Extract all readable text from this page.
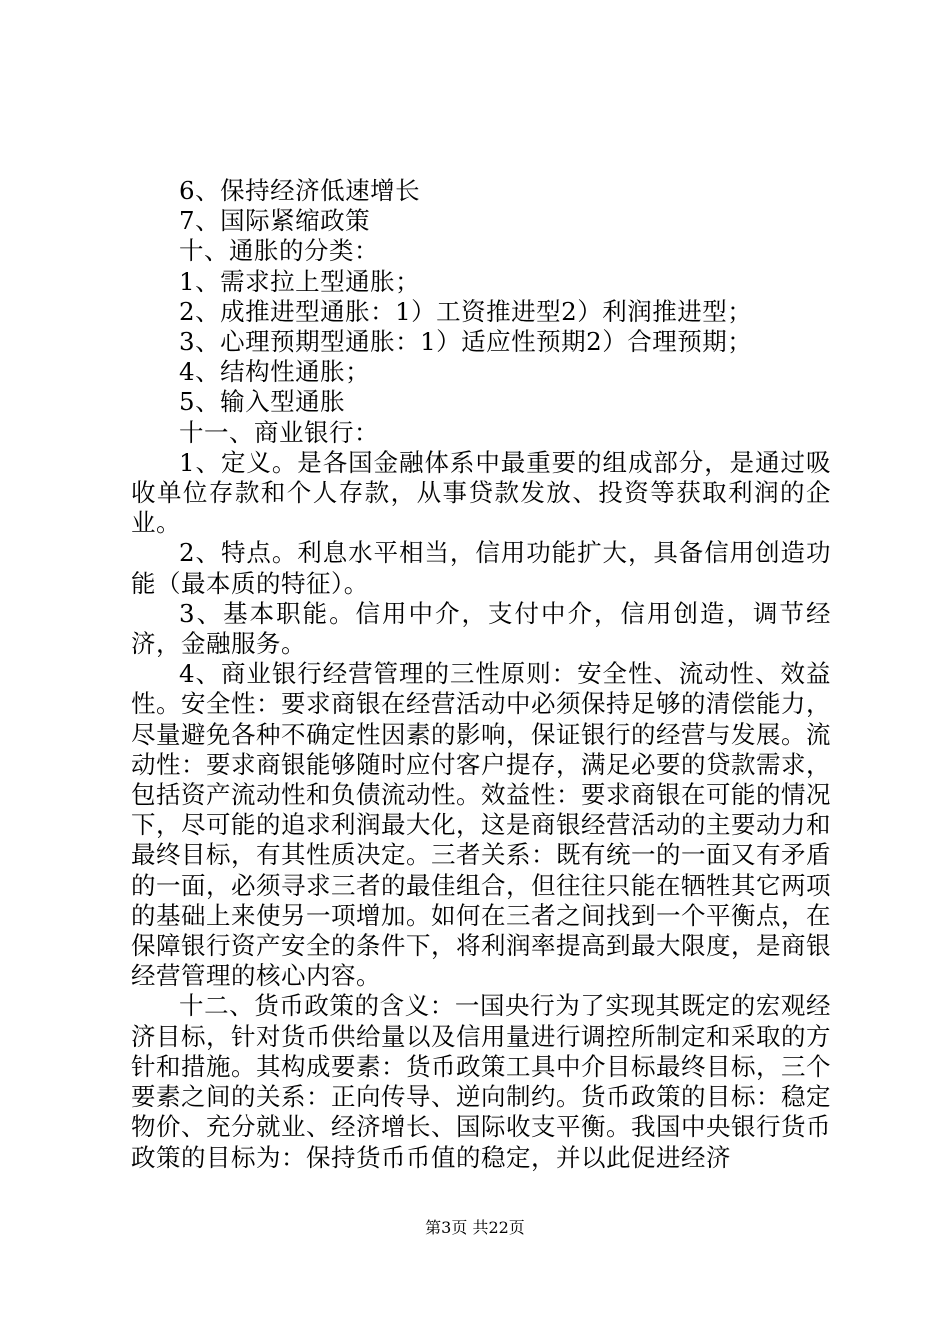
6、保持经济低速增长
7、国际紧缩政策
十、通胀的分类：
1、需求拉上型通胀；
2、成推进型通胀：1）工资推进型2）利润推进型；
3、心理预期型通胀：1）适应性预期2）合理预期；
4、结构性通胀；
5、输入型通胀
十一、商业银行：

1、定义。是各国金融体系中最重要的组成部分，是通过吸收单位存款和个人存款，从事贷款发放、投资等获取利润的企业。

2、特点。利息水平相当，信用功能扩大，具备信用创造功能（最本质的特征）。

3、基本职能。信用中介，支付中介，信用创造，调节经济，金融服务。

4、商业银行经营管理的三性原则：安全性、流动性、效益性。安全性：要求商银在经营活动中必须保持足够的清偿能力，尽量避免各种不确定性因素的影响，保证银行的经营与发展。流动性：要求商银能够随时应付客户提存，满足必要的贷款需求，包括资产流动性和负债流动性。效益性：要求商银在可能的情况下，尽可能的追求利润最大化，这是商银经营活动的主要动力和最终目标，有其性质决定。三者关系：既有统一的一面又有矛盾的一面，必须寻求三者的最佳组合，但往往只能在牺牲其它两项的基础上来使另一项增加。如何在三者之间找到一个平衡点，在保障银行资产安全的条件下，将利润率提高到最大限度，是商银经营管理的核心内容。

十二、货币政策的含义：一国央行为了实现其既定的宏观经济目标，针对货币供给量以及信用量进行调控所制定和采取的方针和措施。其构成要素：货币政策工具中介目标最终目标，三个要素之间的关系：正向传导、逆向制约。货币政策的目标：稳定物价、充分就业、经济增长、国际收支平衡。我国中央银行货币政策的目标为：保持货币币值的稳定，并以此促进经济

第3页 共22页
